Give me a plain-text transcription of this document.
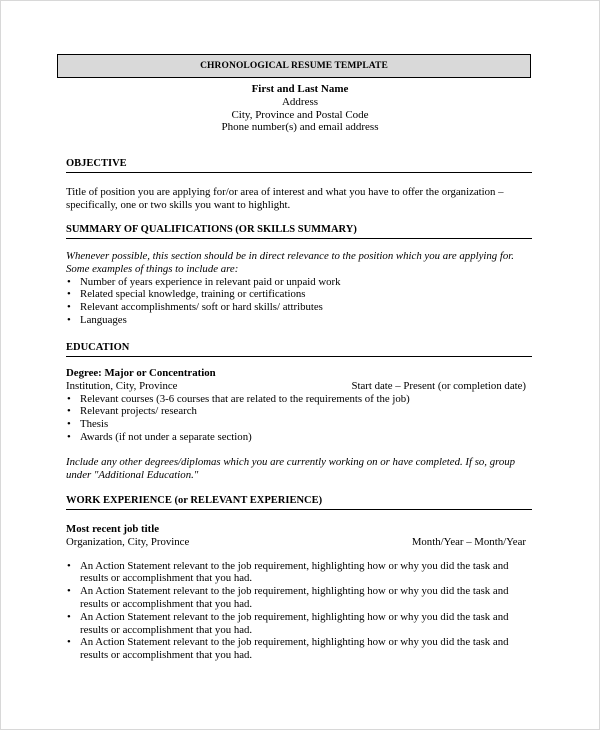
CHRONOLOGICAL RESUME TEMPLATE
First and Last Name
Address
City, Province and Postal Code
Phone number(s) and email address
OBJECTIVE
Title of position you are applying for/or area of interest and what you have to offer the organization – specifically, one or two skills you want to highlight.
SUMMARY OF QUALIFICATIONS (OR SKILLS SUMMARY)
Whenever possible, this section should be in direct relevance to the position which you are applying for. Some examples of things to include are:
• Number of years experience in relevant paid or unpaid work
• Related special knowledge, training or certifications
• Relevant accomplishments/ soft or hard skills/ attributes
• Languages
EDUCATION
Degree: Major or Concentration
Institution, City, Province	Start date – Present (or completion date)
• Relevant courses (3-6 courses that are related to the requirements of the job)
• Relevant projects/ research
• Thesis
• Awards (if not under a separate section)
Include any other degrees/diplomas which you are currently working on or have completed. If so, group under "Additional Education."
WORK EXPERIENCE (or RELEVANT EXPERIENCE)
Most recent job title
Organization, City, Province	Month/Year – Month/Year
• An Action Statement relevant to the job requirement, highlighting how or why you did the task and results or accomplishment that you had.
• An Action Statement relevant to the job requirement, highlighting how or why you did the task and results or accomplishment that you had.
• An Action Statement relevant to the job requirement, highlighting how or why you did the task and results or accomplishment that you had.
• An Action Statement relevant to the job requirement, highlighting how or why you did the task and results or accomplishment that you had.
